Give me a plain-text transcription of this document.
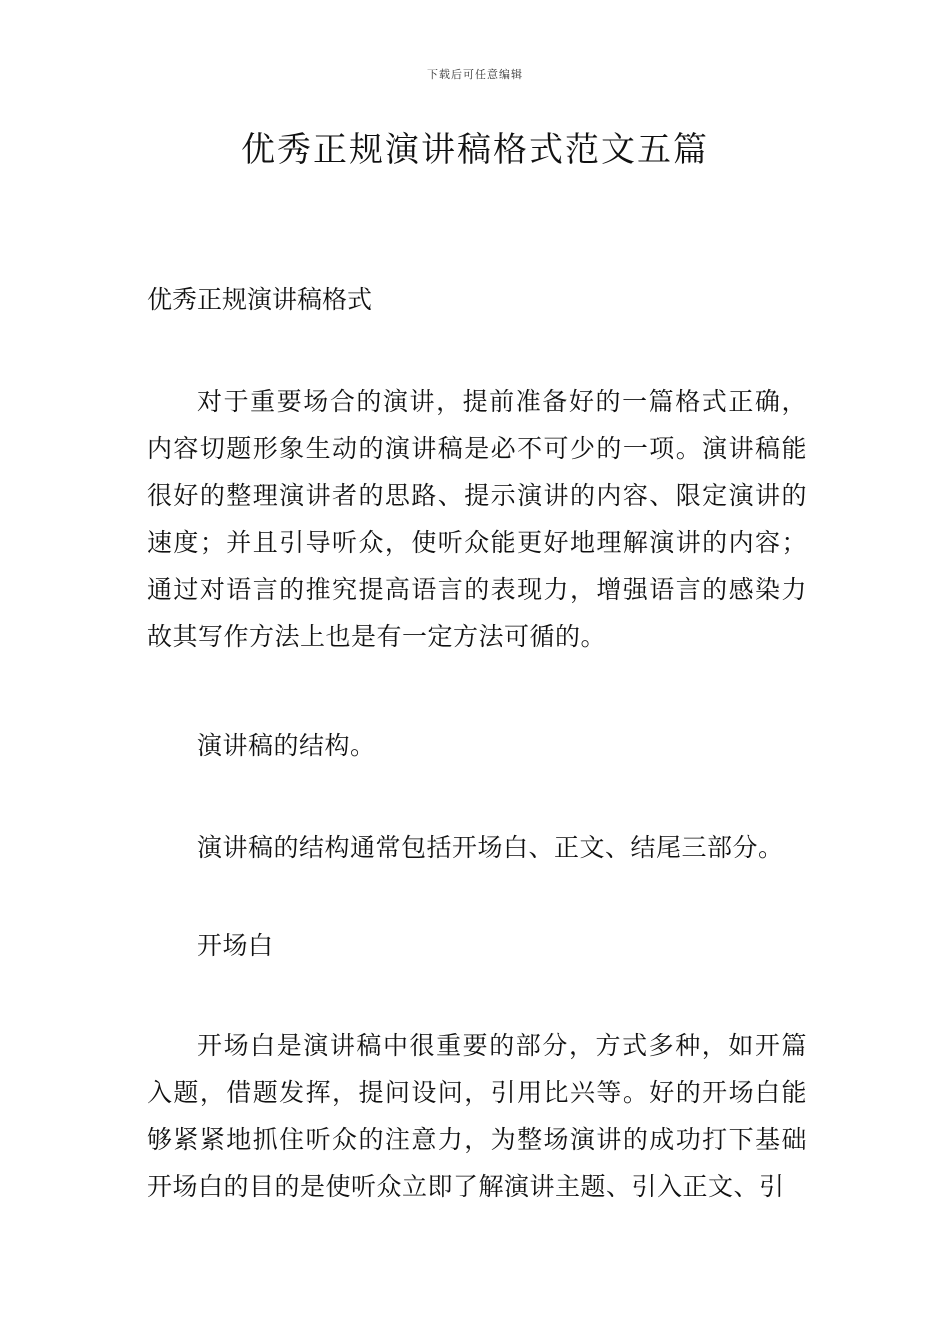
下载后可任意编辑
优秀正规演讲稿格式范文五篇

优秀正规演讲稿格式

对于重要场合的演讲，提前准备好的一篇格式正确，内容切题形象生动的演讲稿是必不可少的一项。演讲稿能很好的整理演讲者的思路、提示演讲的内容、限定演讲的速度；并且引导听众，使听众能更好地理解演讲的内容；通过对语言的推究提高语言的表现力，增强语言的感染力故其写作方法上也是有一定方法可循的。

演讲稿的结构。

演讲稿的结构通常包括开场白、正文、结尾三部分。

开场白

开场白是演讲稿中很重要的部分，方式多种，如开篇入题，借题发挥，提问设问，引用比兴等。好的开场白能够紧紧地抓住听众的注意力，为整场演讲的成功打下基础开场白的目的是使听众立即了解演讲主题、引入正文、引
